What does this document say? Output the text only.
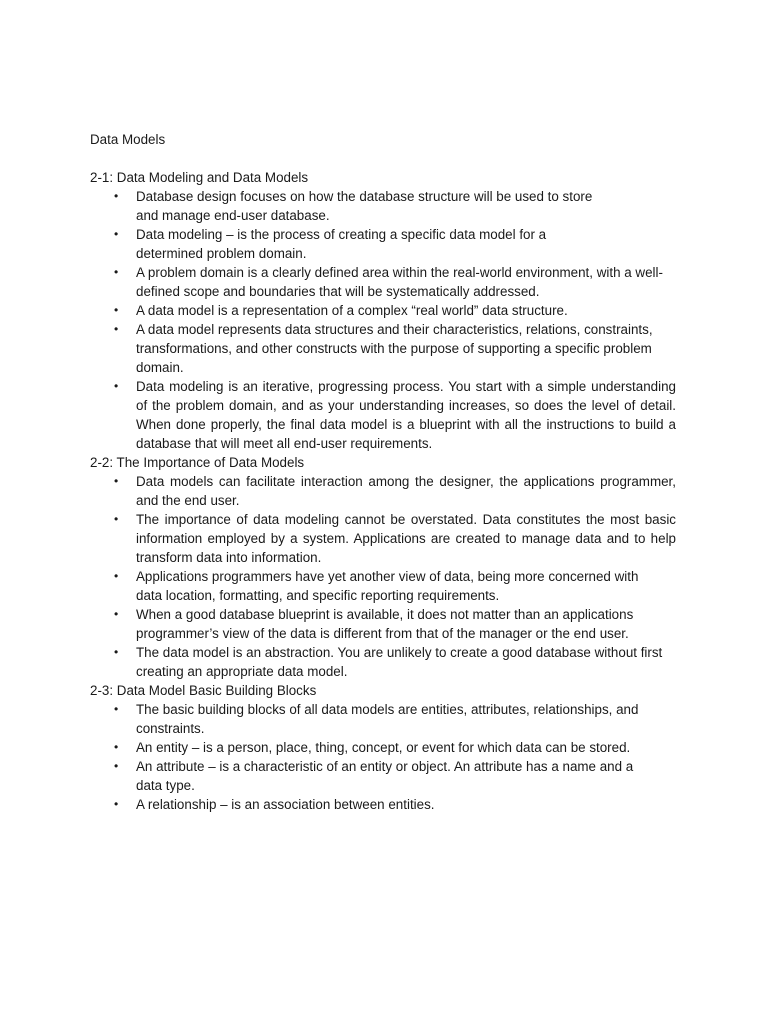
Data Models

2-1: Data Modeling and Data Models

• Database design focuses on how the database structure will be used to store and manage end-user database.
• Data modeling – is the process of creating a specific data model for a determined problem domain.
• A problem domain is a clearly defined area within the real-world environment, with a well-defined scope and boundaries that will be systematically addressed.
• A data model is a representation of a complex “real world” data structure.
• A data model represents data structures and their characteristics, relations, constraints, transformations, and other constructs with the purpose of supporting a specific problem domain.
• Data modeling is an iterative, progressing process. You start with a simple understanding of the problem domain, and as your understanding increases, so does the level of detail. When done properly, the final data model is a blueprint with all the instructions to build a database that will meet all end-user requirements.

2-2: The Importance of Data Models

• Data models can facilitate interaction among the designer, the applications programmer, and the end user.
• The importance of data modeling cannot be overstated. Data constitutes the most basic information employed by a system. Applications are created to manage data and to help transform data into information.
• Applications programmers have yet another view of data, being more concerned with data location, formatting, and specific reporting requirements.
• When a good database blueprint is available, it does not matter than an applications programmer’s view of the data is different from that of the manager or the end user.
• The data model is an abstraction. You are unlikely to create a good database without first creating an appropriate data model.

2-3: Data Model Basic Building Blocks

• The basic building blocks of all data models are entities, attributes, relationships, and constraints.
• An entity – is a person, place, thing, concept, or event for which data can be stored.
• An attribute – is a characteristic of an entity or object. An attribute has a name and a data type.
• A relationship – is an association between entities.
